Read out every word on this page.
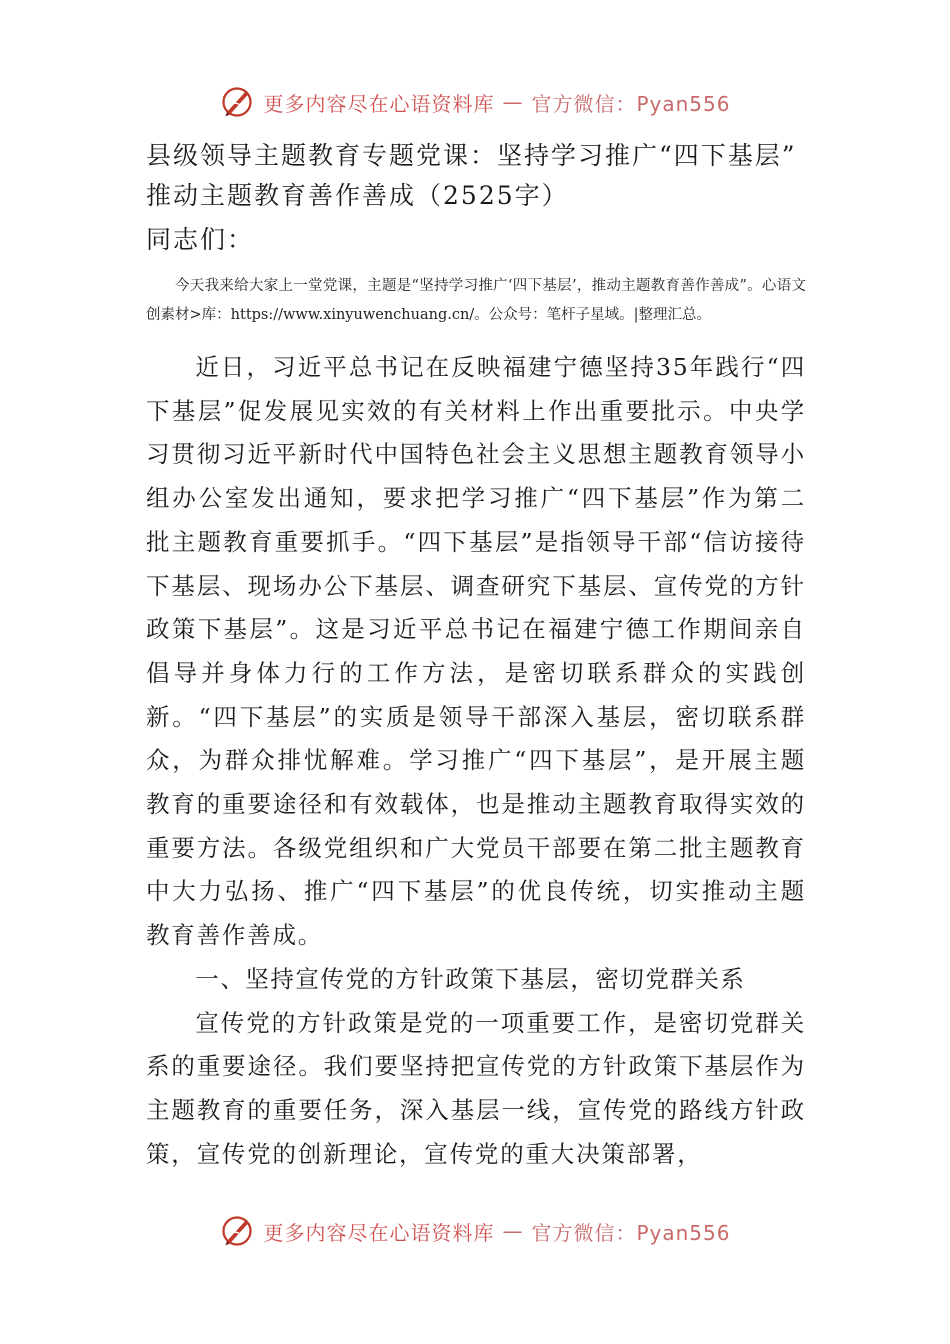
更多内容尽在心语资料库 — 官方微信：Pyan556
县级领导主题教育专题党课：坚持学习推广“四下基层”
推动主题教育善作善成（2525字）

同志们：

今天我来给大家上一堂党课，主题是“坚持学习推广‘四下基层’，推动主题教育善作善成”。心语文创素材>库：https://www.xinyuwenchuang.cn/。公众号：笔杆子星域。|整理汇总。

近日，习近平总书记在反映福建宁德坚持35年践行“四下基层”促发展见实效的有关材料上作出重要批示。中央学习贯彻习近平新时代中国特色社会主义思想主题教育领导小组办公室发出通知，要求把学习推广“四下基层”作为第二批主题教育重要抓手。“四下基层”是指领导干部“信访接待下基层、现场办公下基层、调查研究下基层、宣传党的方针政策下基层”。这是习近平总书记在福建宁德工作期间亲自倡导并身体力行的工作方法，是密切联系群众的实践创新。“四下基层”的实质是领导干部深入基层，密切联系群众，为群众排忧解难。学习推广“四下基层”，是开展主题教育的重要途径和有效载体，也是推动主题教育取得实效的重要方法。各级党组织和广大党员干部要在第二批主题教育中大力弘扬、推广“四下基层”的优良传统，切实推动主题教育善作善成。

一、坚持宣传党的方针政策下基层，密切党群关系

宣传党的方针政策是党的一项重要工作，是密切党群关系的重要途径。我们要坚持把宣传党的方针政策下基层作为主题教育的重要任务，深入基层一线，宣传党的路线方针政策，宣传党的创新理论，宣传党的重大决策部署，

更多内容尽在心语资料库 — 官方微信：Pyan556
